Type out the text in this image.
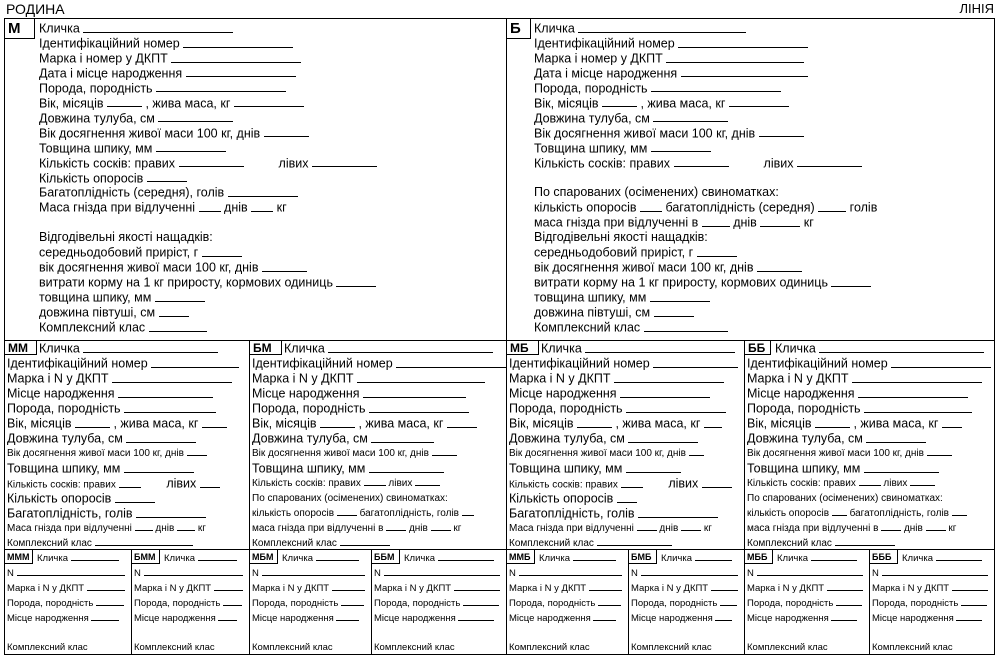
РОДИНА	ЛІНІЯ
М	Кличка
Ідентифікаційний номер
Марка і номер у ДКПТ
Дата і місце народження
Порода, породність
Вік, місяців	, жива маса, кг
Довжина тулуба, см
Вік досягнення живої маси 100 кг, днів
Товщина шпику, мм
Кількість сосків: правих	лівих
Кількість опоросів
Багатоплідність (середня), голів
Маса гнізда при відлученні днів кг
Відгодівельні якості нащадків:
середньодобовий приріст, г
вік досягнення живої маси 100 кг, днів
витрати корму на 1 кг приросту, кормових одиниць
товщина шпику, мм
довжина півтуші, см
Комплексний клас
Б	Кличка
Ідентифікаційний номер
Марка і номер у ДКПТ
Дата і місце народження
Порода, породність
Вік, місяців	, жива маса, кг
Довжина тулуба, см
Вік досягнення живої маси 100 кг, днів
Товщина шпику, мм
Кількість сосків: правих	лівих
По спарованих (осіменених) свиноматках:
кількість опоросів багатоплідність (середня)	голів
маса гнізда при відлученні в	днів	кг
Відгодівельні якості нащадків:
середньодобовий приріст, г
вік досягнення живої маси 100 кг, днів
витрати корму на 1 кг приросту, кормових одиниць
товщина шпику, мм
довжина півтуші, см
Комплексний клас
ММ Кличка
Ідентифікаційний номер
Марка і N у ДКПТ
Місце народження
Порода, породність
Вік, місяців	, жива маса, кг
Довжина тулуба, см
Вік досягнення живої маси 100 кг, днів
Товщина шпику, мм
Кількість сосків: правих	лівих
Кількість опоросів
Багатоплідність, голів
Маса гнізда при відлученні днів кг
Комплексний клас
БМ Кличка
Ідентифікаційний номер
Марка і N у ДКПТ
Місце народження
Порода, породність
Вік, місяців	, жива маса, кг
Довжина тулуба, см
Вік досягнення живої маси 100 кг, днів
Товщина шпику, мм
Кількість сосків: правих	лівих
По спарованих (осіменених) свиноматках:
кількість опоросів	багатоплідність, голів
маса гнізда при відлученні в	днів	кг
Комплексний клас
МБ Кличка
Ідентифікаційний номер
Марка і N у ДКПТ
Місце народження
Порода, породність
Вік, місяців	, жива маса, кг
Довжина тулуба, см
Вік досягнення живої маси 100 кг, днів
Товщина шпику, мм
Кількість сосків: правих	лівих
Кількість опоросів
Багатоплідність, голів
Маса гнізда при відлученні	днів	кг
Комплексний клас
ББ Кличка
Ідентифікаційний номер
Марка і N у ДКПТ
Місце народження
Порода, породність
Вік, місяців	, жива маса, кг
Довжина тулуба, см
Вік досягнення живої маси 100 кг, днів
Товщина шпику, мм
Кількість сосків: правих	лівих
По спарованих (осіменених) свиноматках:
кількість опоросів багатоплідність, голів
маса гнізда при відлученні в	днів	кг
Комплексний клас
МММ Кличка
N
Марка і N у ДКПТ
Порода, породність
Місце народження
Комплексний клас
БММ Кличка
N
Марка і N у ДКПТ
Порода, породність
Місце народження
Комплексний клас
МБМ Кличка
N
Марка і N у ДКПТ
Порода, породність
Місце народження
Комплексний клас
ББМ	Кличка
N
Марка і N у ДКПТ
Порода, породність
Місце народження
Комплексний клас
ММБ Кличка
N
Марка і N у ДКПТ
Порода, породність
Місце народження
Комплексний клас
БМБ	Кличка
N
Марка і N у ДКПТ
Порода, породність
Місце народження
Комплексний клас
МББ	Кличка
N
Марка і N у ДКПТ
Порода, породність
Місце народження
Комплексний клас
БББ	Кличка
N
Марка і N у ДКПТ
Порода, породність
Місце народження
Комплексний клас
